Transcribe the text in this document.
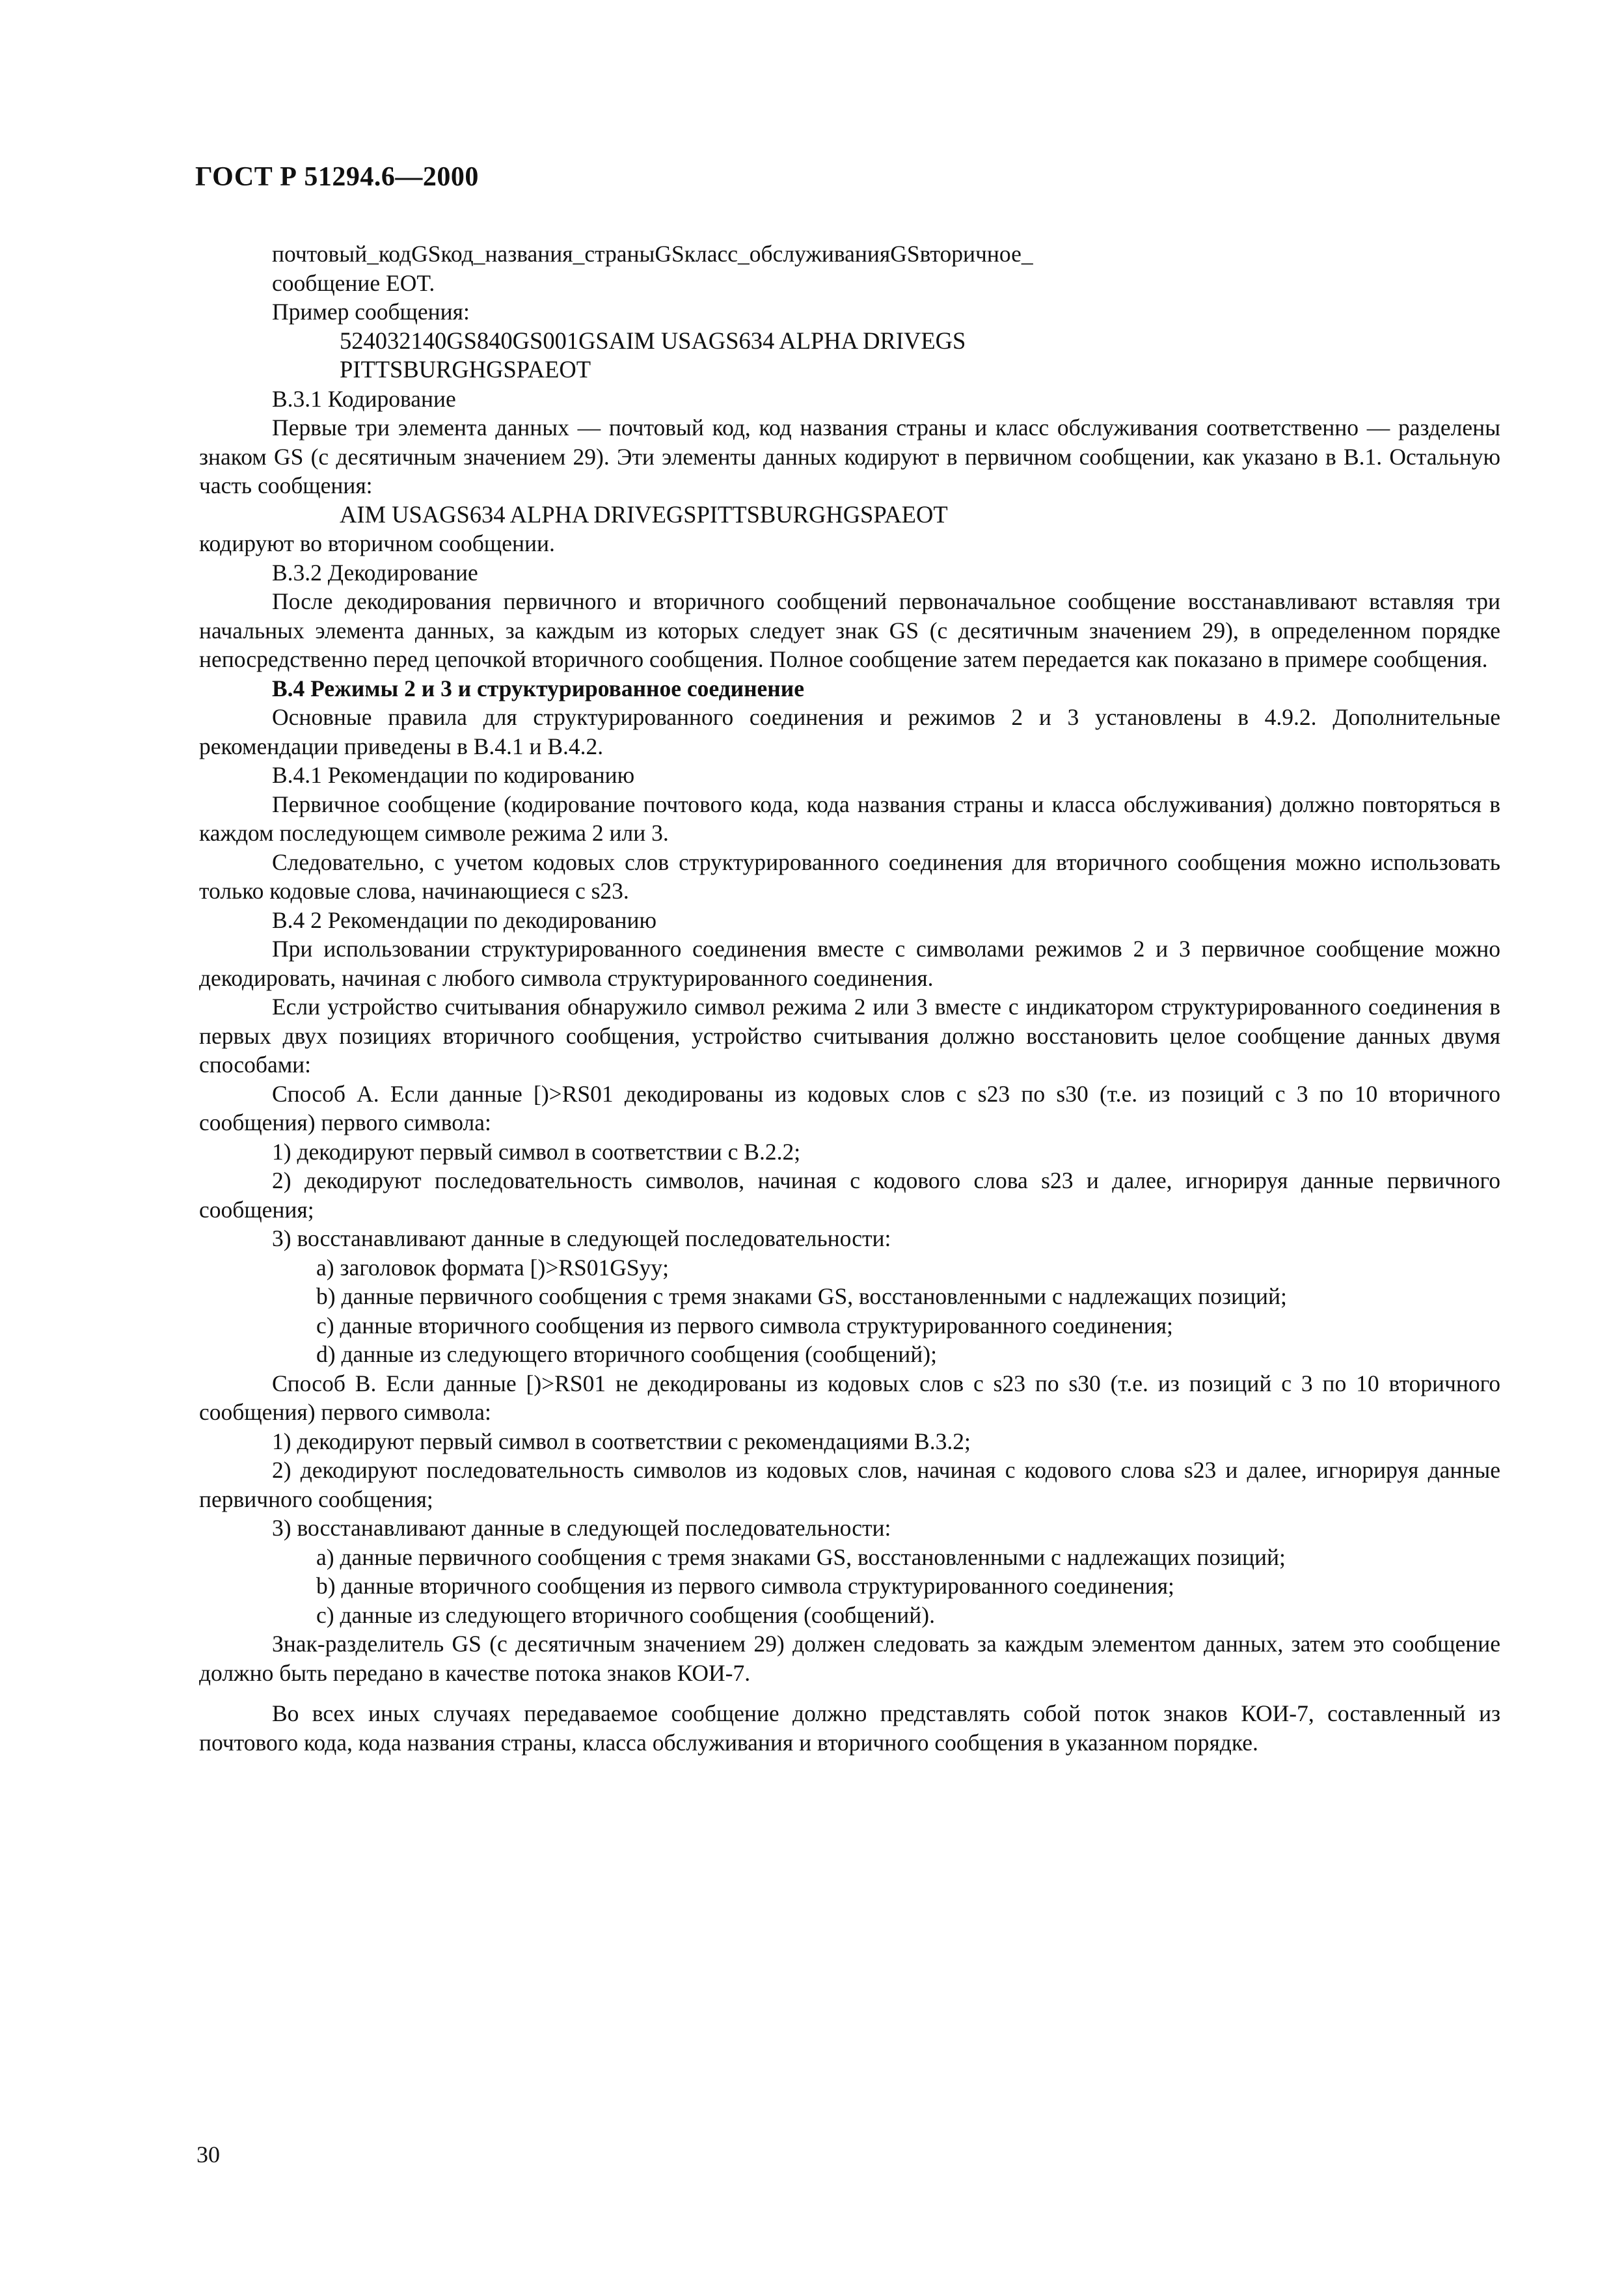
ГОСТ Р 51294.6—2000

почтовый_кодGSкод_названия_страныGSкласс_обслуживанияGSвторичное_

сообщение EOT.

Пример сообщения:

524032140GS840GS001GSAIM USAGS634 ALPHA DRIVEGS

PITTSBURGHGSPAEOT

В.3.1 Кодирование

Первые три элемента данных — почтовый код, код названия страны и класс обслуживания соответственно — разделены знаком GS (с десятичным значением 29). Эти элементы данных кодируют в первичном сообщении, как указано в В.1. Остальную часть сообщения:

AIM USAGS634 ALPHA DRIVEGSPITTSBURGHGSPAEOT

кодируют во вторичном сообщении.

В.3.2 Декодирование

После декодирования первичного и вторичного сообщений первоначальное сообщение восстанавливают вставляя три начальных элемента данных, за каждым из которых следует знак GS (с десятичным значением 29), в определенном порядке непосредственно перед цепочкой вторичного сообщения. Полное сообщение затем передается как показано в примере сообщения.

В.4 Режимы 2 и 3 и структурированное соединение

Основные правила для структурированного соединения и режимов 2 и 3 установлены в 4.9.2. Дополнительные рекомендации приведены в В.4.1 и В.4.2.

В.4.1 Рекомендации по кодированию

Первичное сообщение (кодирование почтового кода, кода названия страны и класса обслуживания) должно повторяться в каждом последующем символе режима 2 или 3.

Следовательно, с учетом кодовых слов структурированного соединения для вторичного сообщения можно использовать только кодовые слова, начинающиеся с s23.

В.4 2 Рекомендации по декодированию

При использовании структурированного соединения вместе с символами режимов 2 и 3 первичное сообщение можно декодировать, начиная с любого символа структурированного соединения.

Если устройство считывания обнаружило символ режима 2 или 3 вместе с индикатором структурированного соединения в первых двух позициях вторичного сообщения, устройство считывания должно восстановить целое сообщение данных двумя способами:

Способ А. Если данные [)>RS01 декодированы из кодовых слов с s23 по s30 (т.е. из позиций с 3 по 10 вторичного сообщения) первого символа:

1) декодируют первый символ в соответствии с В.2.2;

2) декодируют последовательность символов, начиная с кодового слова s23 и далее, игнорируя данные первичного сообщения;

3) восстанавливают данные в следующей последовательности:

a) заголовок формата [)>RS01GSyy;

b) данные первичного сообщения с тремя знаками GS, восстановленными с надлежащих позиций;

c) данные вторичного сообщения из первого символа структурированного соединения;

d) данные из следующего вторичного сообщения (сообщений);

Способ В. Если данные [)>RS01 не декодированы из кодовых слов с s23 по s30 (т.е. из позиций с 3 по 10 вторичного сообщения) первого символа:

1) декодируют первый символ в соответствии с рекомендациями В.3.2;

2) декодируют последовательность символов из кодовых слов, начиная с кодового слова s23 и далее, игнорируя данные первичного сообщения;

3) восстанавливают данные в следующей последовательности:

a) данные первичного сообщения с тремя знаками GS, восстановленными с надлежащих позиций;

b) данные вторичного сообщения из первого символа структурированного соединения;

c) данные из следующего вторичного сообщения (сообщений).

Знак-разделитель GS (с десятичным значением 29) должен следовать за каждым элементом данных, затем это сообщение должно быть передано в качестве потока знаков КОИ-7.

Во всех иных случаях передаваемое сообщение должно представлять собой поток знаков КОИ-7, составленный из почтового кода, кода названия страны, класса обслуживания и вторичного сообщения в указанном порядке.

30
